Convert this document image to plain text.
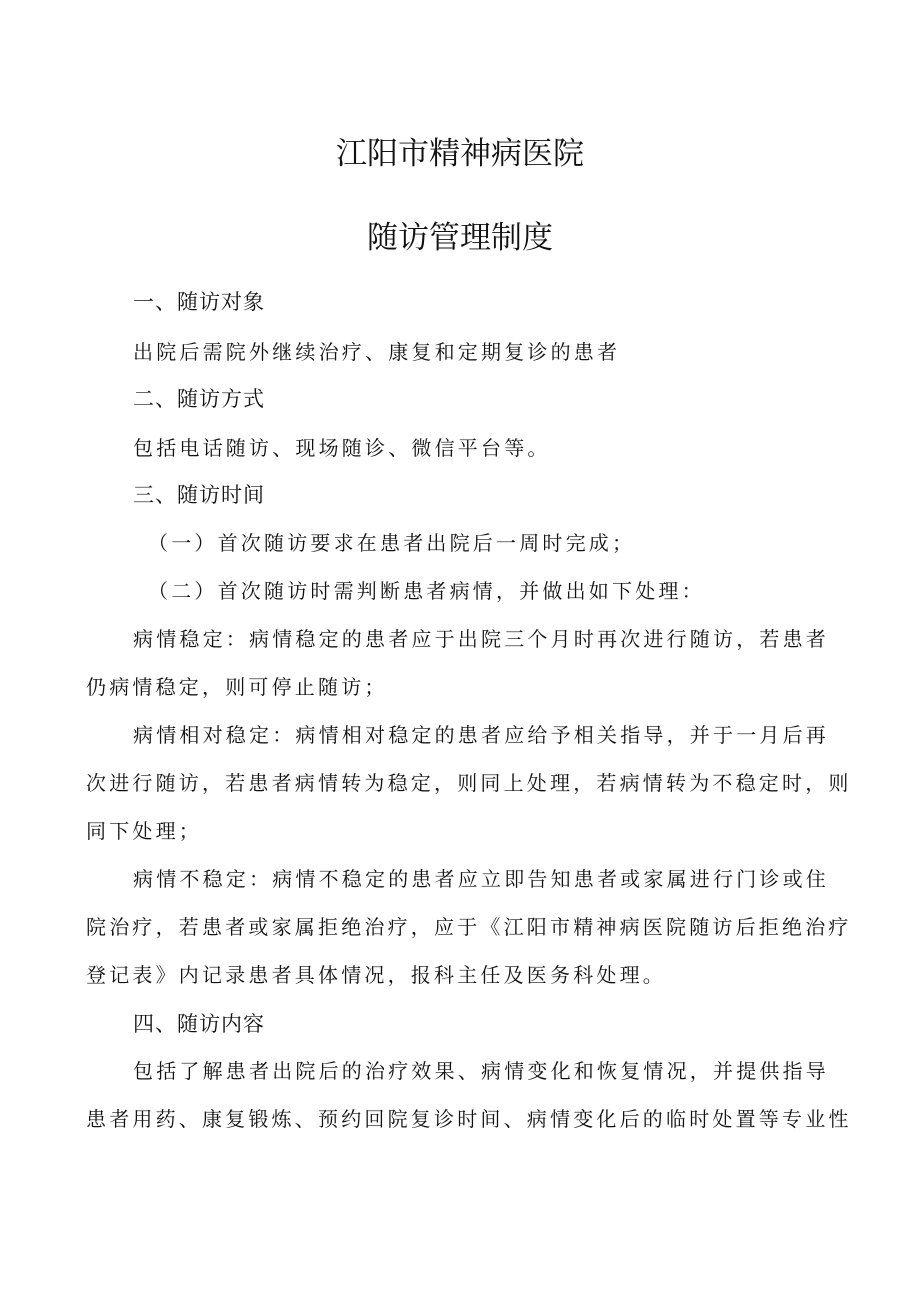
江阳市精神病医院
随访管理制度
一、随访对象
出院后需院外继续治疗、康复和定期复诊的患者
二、随访方式
包括电话随访、现场随诊、微信平台等。
三、随访时间
（一）首次随访要求在患者出院后一周时完成；
（二）首次随访时需判断患者病情，并做出如下处理：
病情稳定：病情稳定的患者应于出院三个月时再次进行随访，若患者
仍病情稳定，则可停止随访；
病情相对稳定：病情相对稳定的患者应给予相关指导，并于一月后再
次进行随访，若患者病情转为稳定，则同上处理，若病情转为不稳定时，则
同下处理；
病情不稳定：病情不稳定的患者应立即告知患者或家属进行门诊或住
院治疗，若患者或家属拒绝治疗，应于《江阳市精神病医院随访后拒绝治疗
登记表》内记录患者具体情况，报科主任及医务科处理。
四、随访内容
包括了解患者出院后的治疗效果、病情变化和恢复情况，并提供指导
患者用药、康复锻炼、预约回院复诊时间、病情变化后的临时处置等专业性
